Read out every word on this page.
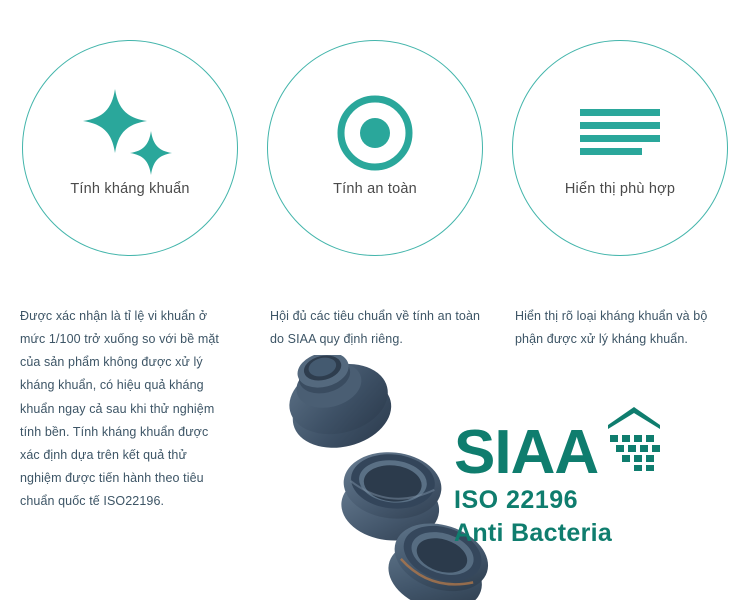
Tính kháng khuẩn	Tính an toàn	Hiển thị phù hợp
Được xác nhận là tỉ lệ vi khuẩn ở mức 1/100 trở xuống so với bề mặt của sản phẩm không được xử lý kháng khuẩn, có hiệu quả kháng khuẩn ngay cả sau khi thử nghiệm tính bền. Tính kháng khuẩn được xác định dựa trên kết quả thử nghiệm được tiến hành theo tiêu chuẩn quốc tế ISO22196.
Hội đủ các tiêu chuẩn về tính an toàn do SIAA quy định riêng.
Hiển thị rõ loại kháng khuẩn và bộ phận được xử lý kháng khuẩn.
SIAA
ISO 22196
Anti Bacteria
